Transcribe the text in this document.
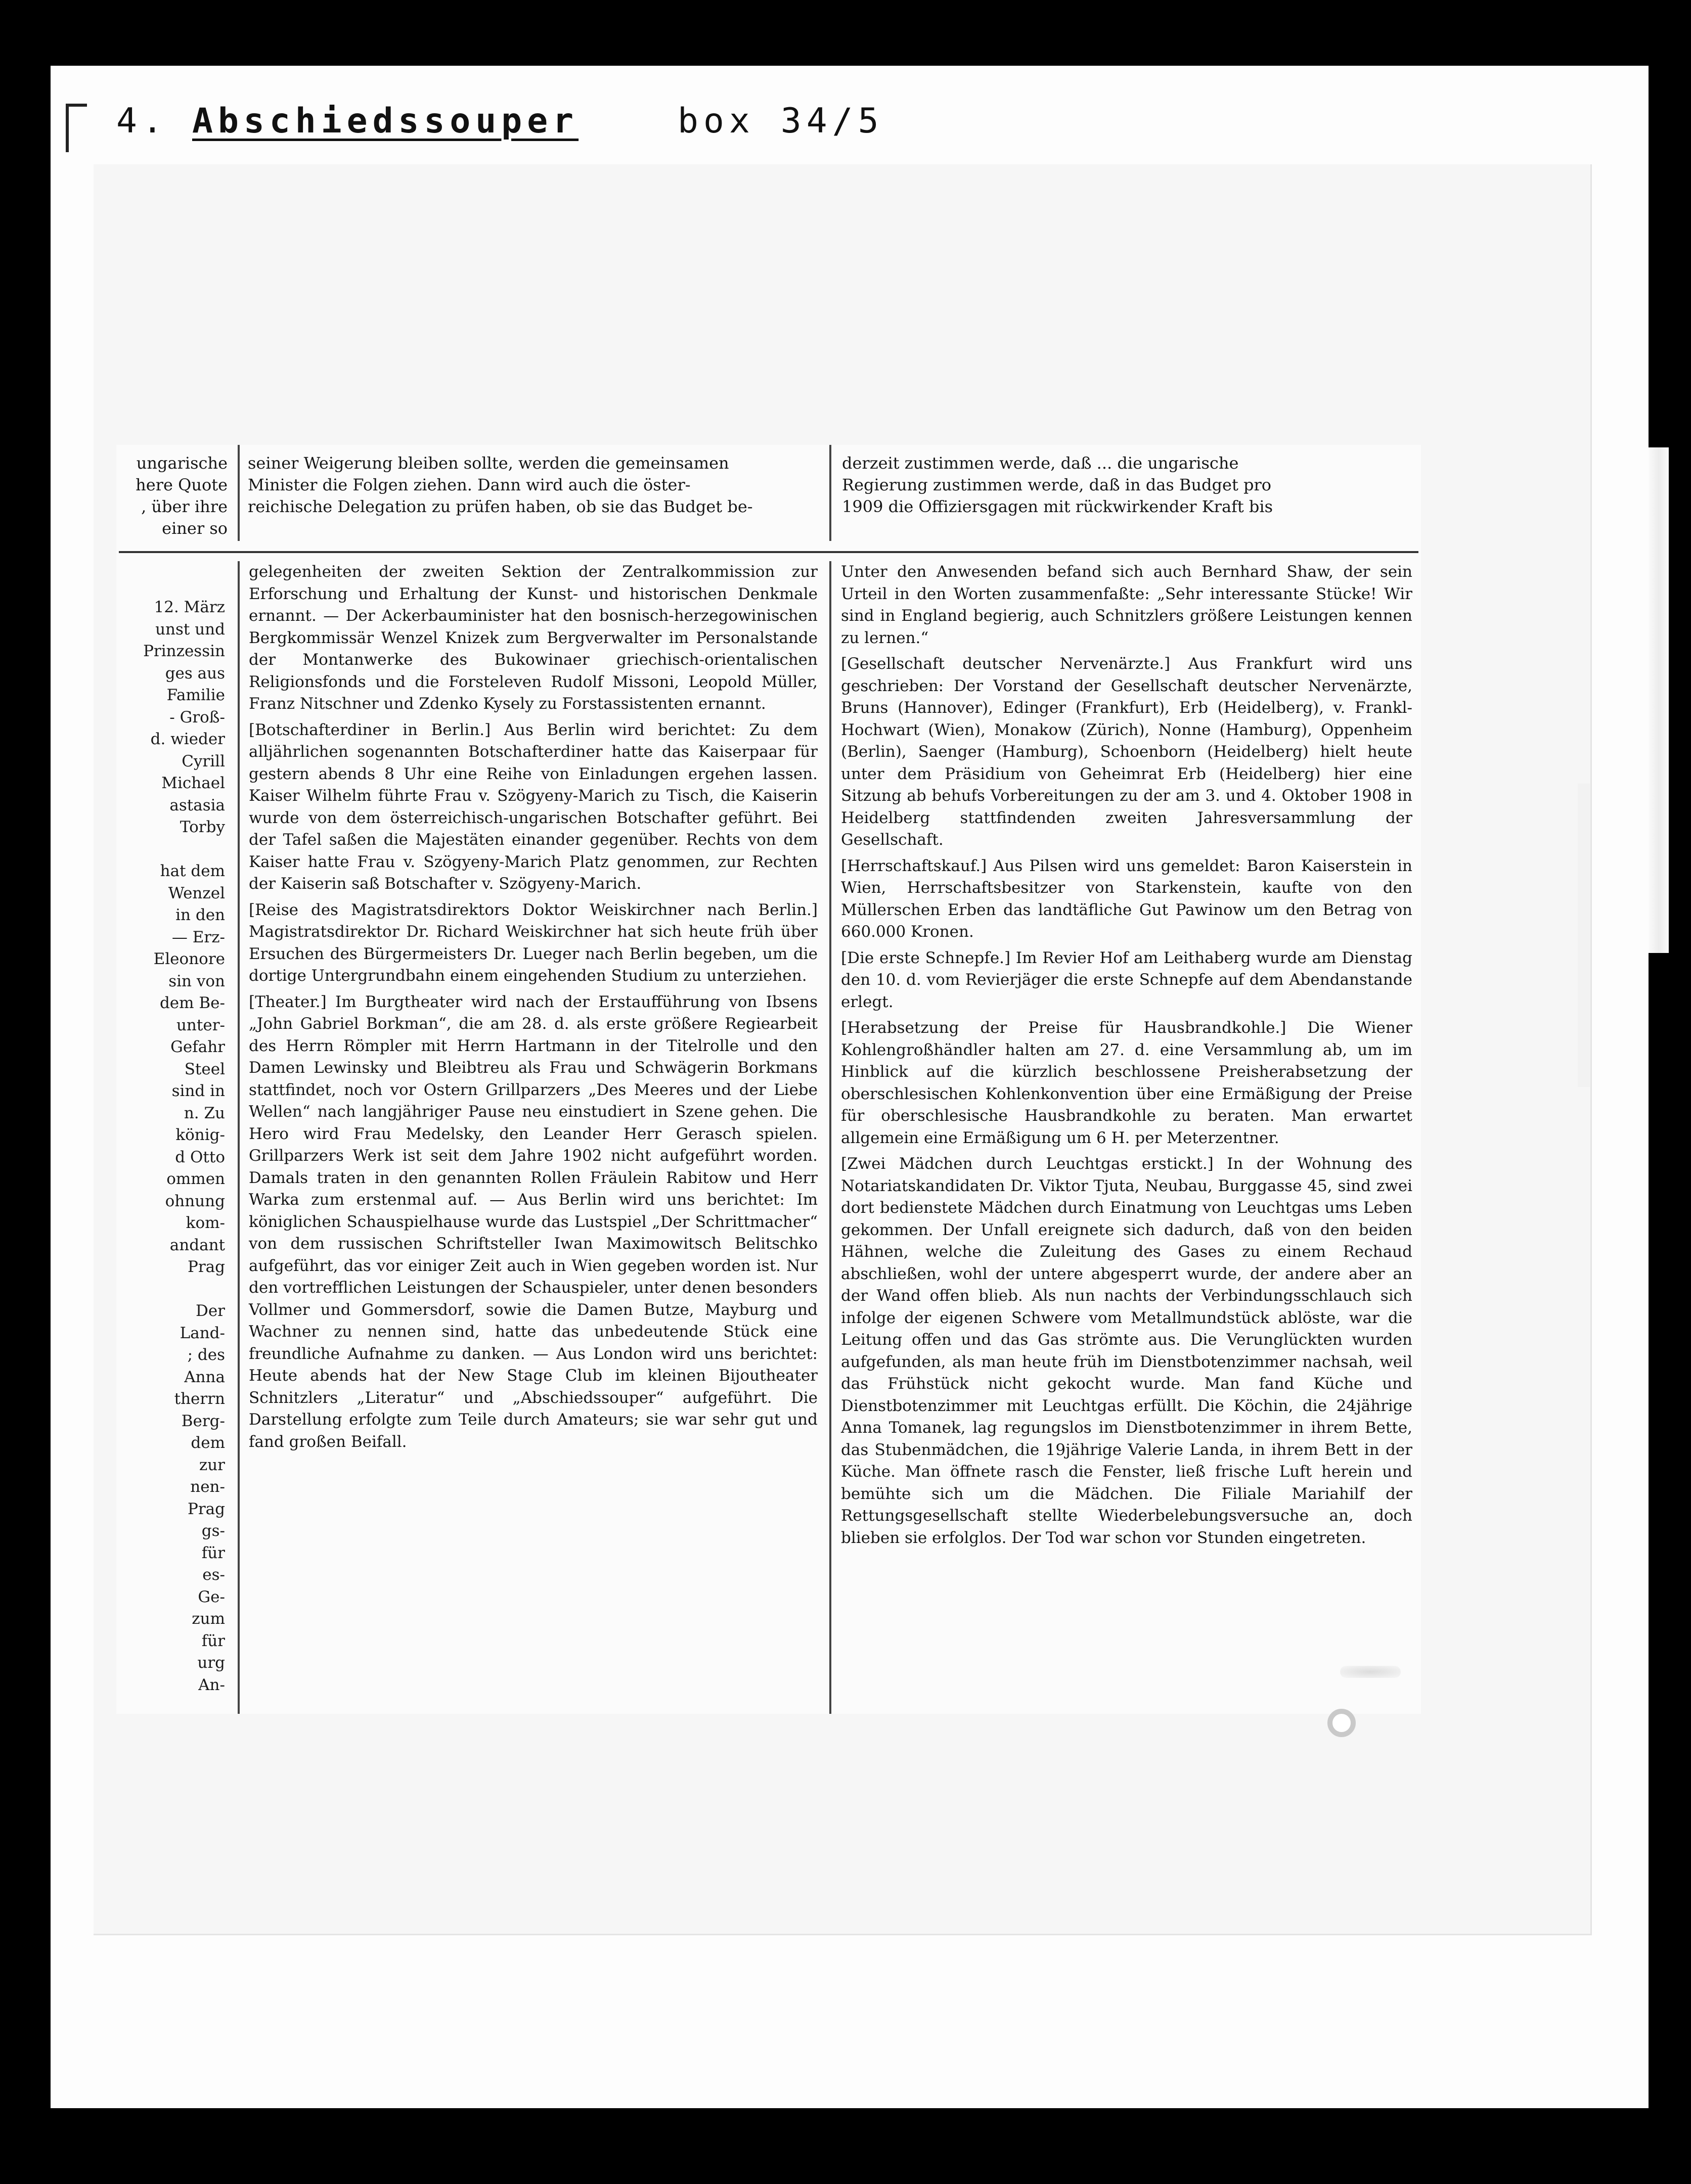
4. Abschiedssouper	box 34/5
ungarische
here Quote
, über ihre
einer so
seiner Weigerung bleiben sollte, werden die gemeinsamen
Minister die Folgen ziehen. Dann wird auch die öster-
reichische Delegation zu prüfen haben, ob sie das Budget be-
derzeit zustimmen werde, daß ... die ungarische
Regierung zustimmen werde, daß in das Budget pro
1909 die Offiziersgagen mit rückwirkender Kraft bis
12. März
unst und
Prinzessin
ges aus
Familie
- Groß-
d. wieder
Cyrill
Michael
astasia
Torby

hat dem
Wenzel
in den
— Erz-
Eleonore
sin von
dem Be-
unter-
Gefahr
Steel
sind in
n. Zu
könig-
d Otto
ommen
ohnung
kom-
andant
Prag

Der
Land-
; des
Anna
therrn
Berg-
dem
zur
nen-
Prag
gs-
für
es-
Ge-
zum
für
urg
An-

gelegenheiten der zweiten Sektion der Zentralkommission zur Erforschung und Erhaltung der Kunst- und historischen Denkmale ernannt. — Der Ackerbauminister hat den bosnisch-herzegowinischen Bergkommissär Wenzel Knizek zum Bergverwalter im Personalstande der Montanwerke des Bukowinaer griechisch-orientalischen Religionsfonds und die Forsteleven Rudolf Missoni, Leopold Müller, Franz Nitschner und Zdenko Kysely zu Forstassistenten ernannt.

[Botschafterdiner in Berlin.] Aus Berlin wird berichtet: Zu dem alljährlichen sogenannten Botschafterdiner hatte das Kaiserpaar für gestern abends 8 Uhr eine Reihe von Einladungen ergehen lassen. Kaiser Wilhelm führte Frau v. Szögyeny-Marich zu Tisch, die Kaiserin wurde von dem österreichisch-ungarischen Botschafter geführt. Bei der Tafel saßen die Majestäten einander gegenüber. Rechts von dem Kaiser hatte Frau v. Szögyeny-Marich Platz genommen, zur Rechten der Kaiserin saß Botschafter v. Szögyeny-Marich.

[Reise des Magistratsdirektors Doktor Weiskirchner nach Berlin.] Magistratsdirektor Dr. Richard Weiskirchner hat sich heute früh über Ersuchen des Bürgermeisters Dr. Lueger nach Berlin begeben, um die dortige Untergrundbahn einem eingehenden Studium zu unterziehen.

[Theater.] Im Burgtheater wird nach der Erstaufführung von Ibsens „John Gabriel Borkman“, die am 28. d. als erste größere Regiearbeit des Herrn Römpler mit Herrn Hartmann in der Titelrolle und den Damen Lewinsky und Bleibtreu als Frau und Schwägerin Borkmans stattfindet, noch vor Ostern Grillparzers „Des Meeres und der Liebe Wellen“ nach langjähriger Pause neu einstudiert in Szene gehen. Die Hero wird Frau Medelsky, den Leander Herr Gerasch spielen. Grillparzers Werk ist seit dem Jahre 1902 nicht aufgeführt worden. Damals traten in den genannten Rollen Fräulein Rabitow und Herr Warka zum erstenmal auf. — Aus Berlin wird uns berichtet: Im königlichen Schauspielhause wurde das Lustspiel „Der Schrittmacher“ von dem russischen Schriftsteller Iwan Maximowitsch Belitschko aufgeführt, das vor einiger Zeit auch in Wien gegeben worden ist. Nur den vortrefflichen Leistungen der Schauspieler, unter denen besonders Vollmer und Gommersdorf, sowie die Damen Butze, Mayburg und Wachner zu nennen sind, hatte das unbedeutende Stück eine freundliche Aufnahme zu danken. — Aus London wird uns berichtet: Heute abends hat der New Stage Club im kleinen Bijoutheater Schnitzlers „Literatur“ und „Abschiedssouper“ aufgeführt. Die Darstellung erfolgte zum Teile durch Amateurs; sie war sehr gut und fand großen Beifall.

Unter den Anwesenden befand sich auch Bernhard Shaw, der sein Urteil in den Worten zusammenfaßte: „Sehr interessante Stücke! Wir sind in England begierig, auch Schnitzlers größere Leistungen kennen zu lernen.“

[Gesellschaft deutscher Nervenärzte.] Aus Frankfurt wird uns geschrieben: Der Vorstand der Gesellschaft deutscher Nervenärzte, Bruns (Hannover), Edinger (Frankfurt), Erb (Heidelberg), v. Frankl-Hochwart (Wien), Monakow (Zürich), Nonne (Hamburg), Oppenheim (Berlin), Saenger (Hamburg), Schoenborn (Heidelberg) hielt heute unter dem Präsidium von Geheimrat Erb (Heidelberg) hier eine Sitzung ab behufs Vorbereitungen zu der am 3. und 4. Oktober 1908 in Heidelberg stattfindenden zweiten Jahresversammlung der Gesellschaft.

[Herrschaftskauf.] Aus Pilsen wird uns gemeldet: Baron Kaiserstein in Wien, Herrschaftsbesitzer von Starkenstein, kaufte von den Müllerschen Erben das landtäfliche Gut Pawinow um den Betrag von 660.000 Kronen.

[Die erste Schnepfe.] Im Revier Hof am Leithaberg wurde am Dienstag den 10. d. vom Revierjäger die erste Schnepfe auf dem Abendanstande erlegt.

[Herabsetzung der Preise für Hausbrandkohle.] Die Wiener Kohlengroßhändler halten am 27. d. eine Versammlung ab, um im Hinblick auf die kürzlich beschlossene Preisherabsetzung der oberschlesischen Kohlenkonvention über eine Ermäßigung der Preise für oberschlesische Hausbrandkohle zu beraten. Man erwartet allgemein eine Ermäßigung um 6 H. per Meterzentner.

[Zwei Mädchen durch Leuchtgas erstickt.] In der Wohnung des Notariatskandidaten Dr. Viktor Tjuta, Neubau, Burggasse 45, sind zwei dort bedienstete Mädchen durch Einatmung von Leuchtgas ums Leben gekommen. Der Unfall ereignete sich dadurch, daß von den beiden Hähnen, welche die Zuleitung des Gases zu einem Rechaud abschließen, wohl der untere abgesperrt wurde, der andere aber an der Wand offen blieb. Als nun nachts der Verbindungsschlauch sich infolge der eigenen Schwere vom Metallmundstück ablöste, war die Leitung offen und das Gas strömte aus. Die Verunglückten wurden aufgefunden, als man heute früh im Dienstbotenzimmer nachsah, weil das Frühstück nicht gekocht wurde. Man fand Küche und Dienstbotenzimmer mit Leuchtgas erfüllt. Die Köchin, die 24jährige Anna Tomanek, lag regungslos im Dienstbotenzimmer in ihrem Bette, das Stubenmädchen, die 19jährige Valerie Landa, in ihrem Bett in der Küche. Man öffnete rasch die Fenster, ließ frische Luft herein und bemühte sich um die Mädchen. Die Filiale Mariahilf der Rettungsgesellschaft stellte Wiederbelebungsversuche an, doch blieben sie erfolglos. Der Tod war schon vor Stunden eingetreten.
